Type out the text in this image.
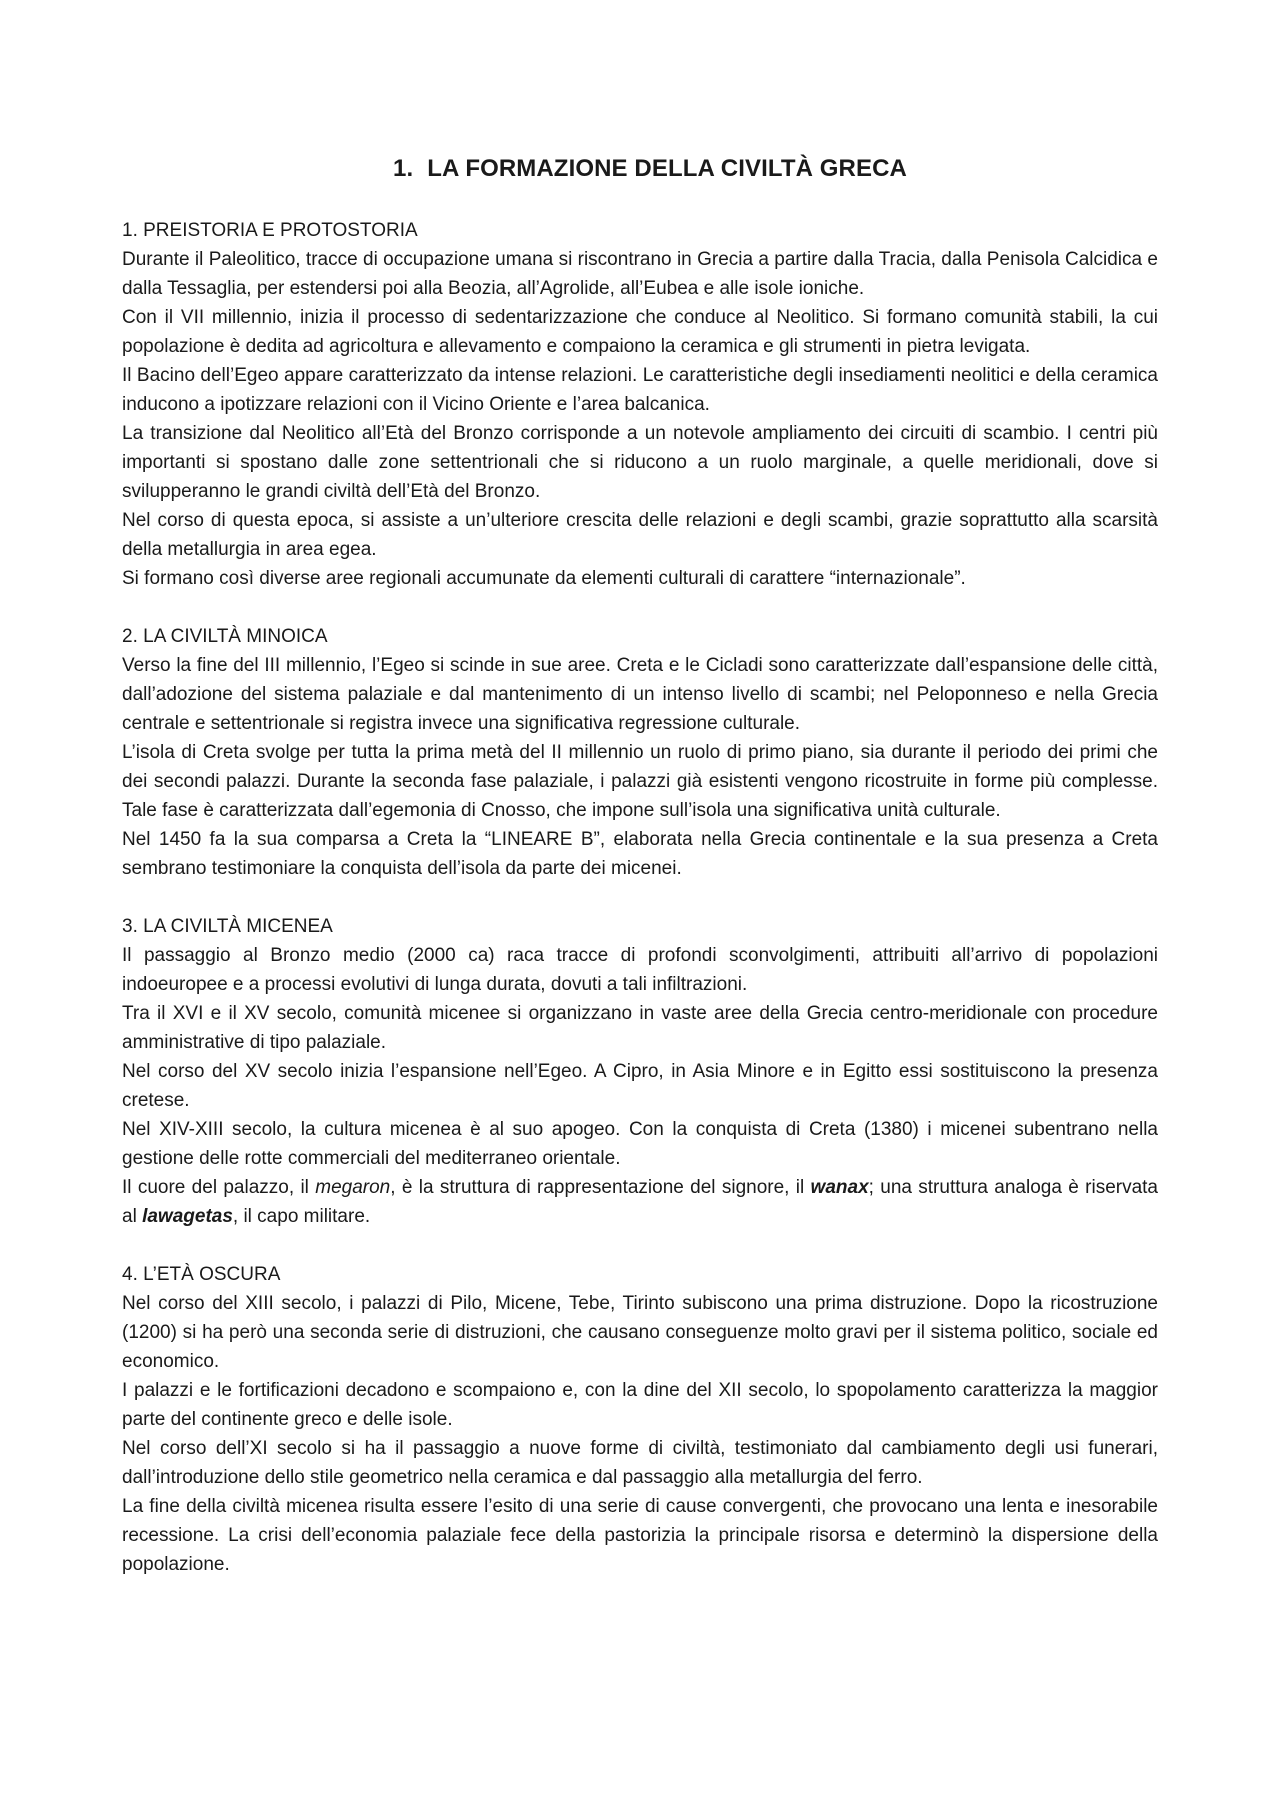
1. LA FORMAZIONE DELLA CIVILTÀ GRECA

1. PREISTORIA E PROTOSTORIA

Durante il Paleolitico, tracce di occupazione umana si riscontrano in Grecia a partire dalla Tracia, dalla Penisola Calcidica e dalla Tessaglia, per estendersi poi alla Beozia, all’Agrolide, all’Eubea e alle isole ioniche.

Con il VII millennio, inizia il processo di sedentarizzazione che conduce al Neolitico. Si formano comunità stabili, la cui popolazione è dedita ad agricoltura e allevamento e compaiono la ceramica e gli strumenti in pietra levigata.

Il Bacino dell’Egeo appare caratterizzato da intense relazioni. Le caratteristiche degli insediamenti neolitici e della ceramica inducono a ipotizzare relazioni con il Vicino Oriente e l’area balcanica.

La transizione dal Neolitico all’Età del Bronzo corrisponde a un notevole ampliamento dei circuiti di scambio. I centri più importanti si spostano dalle zone settentrionali che si riducono a un ruolo marginale, a quelle meridionali, dove si svilupperanno le grandi civiltà dell’Età del Bronzo.

Nel corso di questa epoca, si assiste a un’ulteriore crescita delle relazioni e degli scambi, grazie soprattutto alla scarsità della metallurgia in area egea.

Si formano così diverse aree regionali accumunate da elementi culturali di carattere “internazionale”.

2. LA CIVILTÀ MINOICA

Verso la fine del III millennio, l’Egeo si scinde in sue aree. Creta e le Cicladi sono caratterizzate dall’espansione delle città, dall’adozione del sistema palaziale e dal mantenimento di un intenso livello di scambi; nel Peloponneso e nella Grecia centrale e settentrionale si registra invece una significativa regressione culturale.

L’isola di Creta svolge per tutta la prima metà del II millennio un ruolo di primo piano, sia durante il periodo dei primi che dei secondi palazzi. Durante la seconda fase palaziale, i palazzi già esistenti vengono ricostruite in forme più complesse. Tale fase è caratterizzata dall’egemonia di Cnosso, che impone sull’isola una significativa unità culturale.

Nel 1450 fa la sua comparsa a Creta la “LINEARE B”, elaborata nella Grecia continentale e la sua presenza a Creta sembrano testimoniare la conquista dell’isola da parte dei micenei.

3. LA CIVILTÀ MICENEA

Il passaggio al Bronzo medio (2000 ca) raca tracce di profondi sconvolgimenti, attribuiti all’arrivo di popolazioni indoeuropee e a processi evolutivi di lunga durata, dovuti a tali infiltrazioni.

Tra il XVI e il XV secolo, comunità micenee si organizzano in vaste aree della Grecia centro-meridionale con procedure amministrative di tipo palaziale.

Nel corso del XV secolo inizia l’espansione nell’Egeo. A Cipro, in Asia Minore e in Egitto essi sostituiscono la presenza cretese.

Nel XIV-XIII secolo, la cultura micenea è al suo apogeo. Con la conquista di Creta (1380) i micenei subentrano nella gestione delle rotte commerciali del mediterraneo orientale.

Il cuore del palazzo, il megaron, è la struttura di rappresentazione del signore, il wanax; una struttura analoga è riservata al lawagetas, il capo militare.

4. L’ETÀ OSCURA

Nel corso del XIII secolo, i palazzi di Pilo, Micene, Tebe, Tirinto subiscono una prima distruzione. Dopo la ricostruzione (1200) si ha però una seconda serie di distruzioni, che causano conseguenze molto gravi per il sistema politico, sociale ed economico.

I palazzi e le fortificazioni decadono e scompaiono e, con la dine del XII secolo, lo spopolamento caratterizza la maggior parte del continente greco e delle isole.

Nel corso dell’XI secolo si ha il passaggio a nuove forme di civiltà, testimoniato dal cambiamento degli usi funerari, dall’introduzione dello stile geometrico nella ceramica e dal passaggio alla metallurgia del ferro.

La fine della civiltà micenea risulta essere l’esito di una serie di cause convergenti, che provocano una lenta e inesorabile recessione. La crisi dell’economia palaziale fece della pastorizia la principale risorsa e determinò la dispersione della popolazione.
